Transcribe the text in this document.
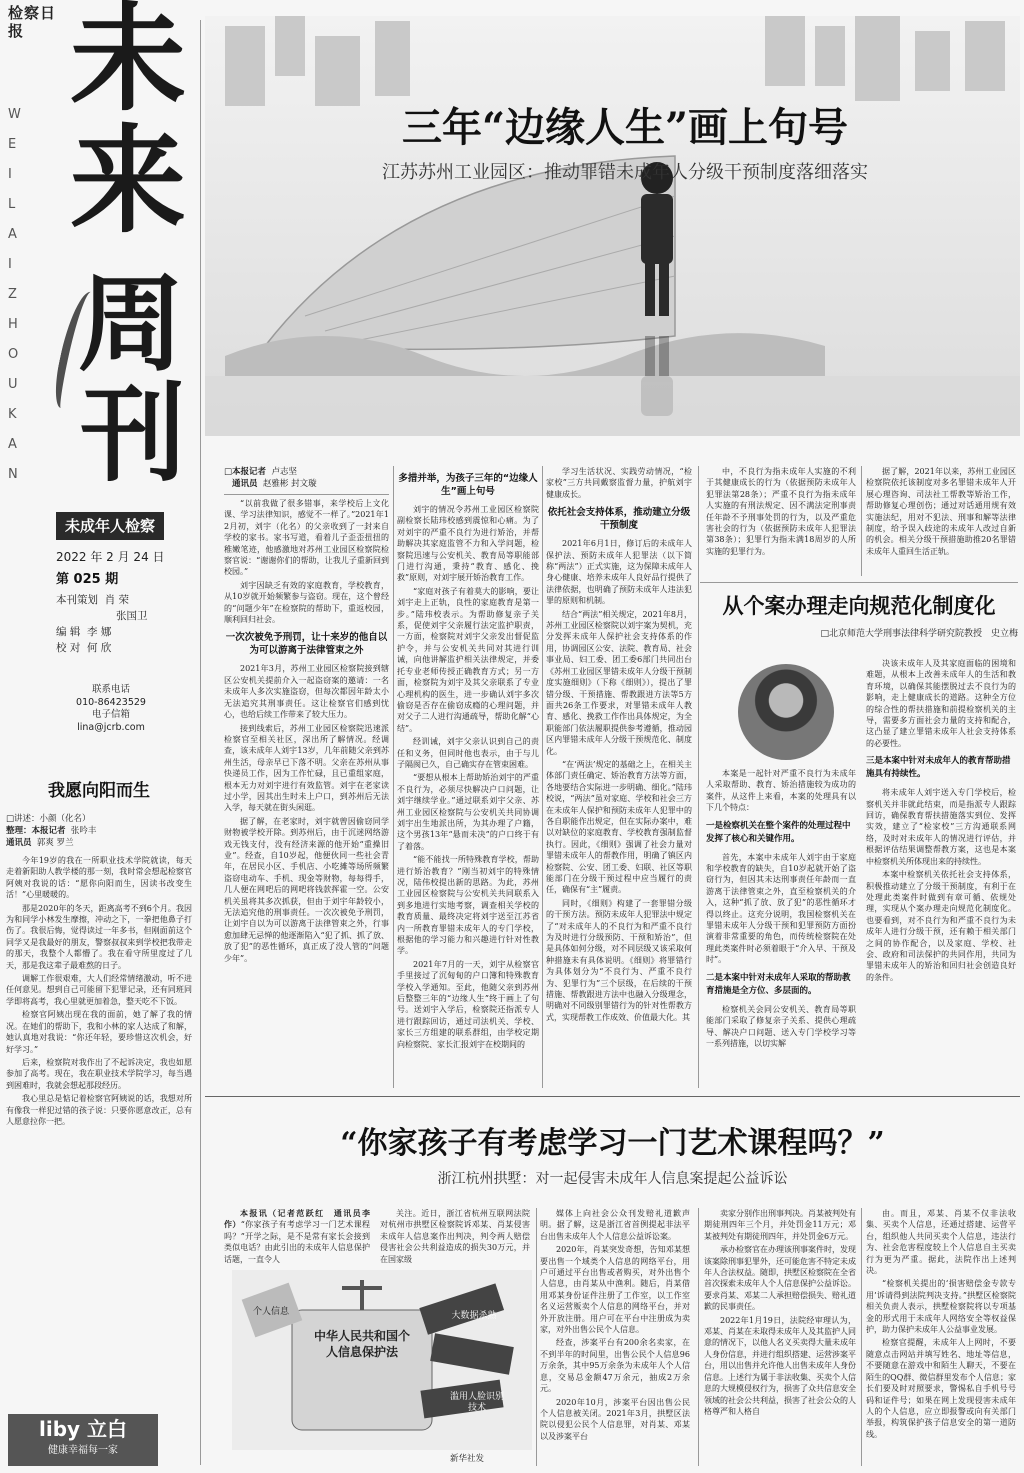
检察日报 未
来
周
刊
W E I L A I Z H O U K A N
未成年人检察
2022 年 2 月 24 日
第 025 期
本刊策划 肖 荣
张国卫
编 辑 李 娜
校 对 何 欣
联系电话
010-86423529
电子信箱
lina@jcrb.com
我愿向阳而生
□讲述：小颜（化名）
整理：本报记者 张吟丰
通讯员 郭爽 罗兰

今年19岁的我在一所职业技术学院就读，每天走着新阳助人教学楼的那一刻，我时常会想起检察官阿姨对我说的话：“愿你向阳而生，因读书改变生活！”心里暖暖的。

那是2020年的冬天，距离高考不到6个月。我因为和同学小林发生摩擦，冲动之下，一拳把他鼻子打伤了。我很后悔，觉得读过一年多书，但刚面前这个同学又是我最好的朋友，警察叔叔来到学校把我带走的那天，我整个人都懵了。我在看守所里度过了几天，那是我这辈子最难熬的日子。

调解工作很艰难，大人们经常情绪激动，听不进任何意见。想到自己可能留下犯罪记录，还有同班同学即将高考，我心里就更加着急，整天吃不下饭。

检察官阿姨出现在我的面前，她了解了我的情况。在她们的帮助下，我和小林的家人达成了和解，她认真地对我说：“你还年轻，要珍惜这次机会，好好学习。”

后来，检察院对我作出了不起诉决定，我也如愿参加了高考。现在，我在职业技术学院学习，每当遇到困难时，我就会想起那段经历。

我心里总是惦记着检察官阿姨说的话，我想对所有像我一样犯过错的孩子说：只要你愿意改正，总有人愿意拉你一把。

liby 立白
健康幸福每一家
三年“边缘人生”画上句号
江苏苏州工业园区：推动罪错未成年人分级干预制度落细落实
□本报记者 卢志坚
通讯员 赵雅彬 封文璇

“以前我做了很多错事，来学校后上文化课、学习法律知识，感觉不一样了。”2021年12月初，刘宇（化名）的父亲收到了一封来自学校的家书。家书写道，看着儿子歪歪扭扭的稚嫩笔迹，他感激地对苏州工业园区检察院检察官说：“谢谢你们的帮助，让我儿子重新回到校园。”

刘宇因缺乏有效的家庭教育，学校教育，从10岁就开始频繁参与盗窃。现在，这个曾经的“问题少年”在检察院的帮助下，重返校园，顺利回归社会。

一次次被免予刑罚，让十来岁的他自以为可以游离于法律管束之外

2021年3月，苏州工业园区检察院接到辖区公安机关提前介入一起盗窃案的邀请：一名未成年人多次实施盗窃，但每次都因年龄太小无法追究其刑事责任。这让检察官们感到忧心，也给后续工作带来了较大压力。

接到线索后，苏州工业园区检察院迅速派检察官至相关社区，深出所了解情况。经调查，该未成年人刘宇13岁，几年前随父亲到苏州生活，母亲早已下落不明。父亲在苏州从事快递员工作，因为工作忙碌，且已重组家庭，根本无力对刘宇进行有效监管。刘宇在老家读过小学，因其出生时未上户口，到苏州后无法入学，每天就在街头闲逛。

据了解，在老家时，刘宇就曾因偷窃同学财物被学校开除。到苏州后，由于沉迷网络游戏无钱支付，没有经济来源的他开始“重操旧业”。经查，自10岁起，他便伙同一些社会青年，在居民小区、手机店、小吃摊等场所频繁盗窃电动车、手机、现金等财物，每每得手，几人便在网吧后的网吧将钱款挥霍一空。公安机关虽将其多次抓获，但由于刘宇年龄较小，无法追究他的刑事责任。一次次被免予刑罚，让刘宇自以为可以游离于法律管束之外，行事愈加肆无忌惮的他逐渐陷入“犯了抓、抓了放、放了犯”的恶性循环，真正成了没人管的“问题少年”。

多措并举，为孩子三年的“边缘人生”画上句号

刘宇的情况令苏州工业园区检察院副检察长陆玮校感到震惊和心痛。为了对刘宇的严重不良行为进行矫治，并帮助解决其家庭监管不力和入学问题，检察院迅速与公安机关、教育局等职能部门进行沟通，秉持“教育、感化、挽救”原则，对刘宇展开矫治教育工作。

“家庭对孩子有着莫大的影响，要让刘宇走上正轨，良性的家庭教育是第一步。”陆玮校表示。为帮助修复亲子关系，促使刘宇父亲履行法定监护职责，一方面，检察院对刘宇父亲发出督促监护令，并与公安机关共同对其进行训诫，向他讲解监护相关法律规定，并委托专业老师传授正确教育方式；另一方面，检察院为刘宇及其父亲联系了专业心理机构的医生，进一步确认刘宇多次偷窃是否存在偷窃成瘾的心理问题，并对父子二人进行沟通疏导，帮助化解“心结”。

经训诫，刘宇父亲认识到自己的责任和义务，但同时他也表示，由于与儿子隔阂已久，自己确实存在管束困难。

“要想从根本上帮助矫治刘宇的严重不良行为，必须尽快解决户口问题，让刘宇继续学业。”通过联系刘宇父亲、苏州工业园区检察院与公安机关共同协调刘宇出生地派出所，为其办理了户籍，这个男孩13年“悬而未决”的户口终于有了着落。

“能不能找一所特殊教育学校，帮助进行矫治教育？”刚当初刘宇的特殊情况，陆伟校提出新的思路。为此，苏州工业园区检察院与公安机关共同联系入到多地进行实地考察，调查相关学校的教育质量、最终决定将刘宇送至江苏省内一所教育罪错未成年人的专门学校，根据他的学习能力和兴趣进行针对性教学。

2021年7月的一天，刘宇从检察官手里接过了沉甸甸的户口簿和特殊教育学校入学通知。至此，他随父亲到苏州后整整三年的“边缘人生”终于画上了句号。送刘宇入学后，检察院还指派专人进行跟踪回访，通过司法机关、学校、家长三方组建的联系群组，由学校定期向检察院、家长汇报刘宇在校期间的

学习生活状况、实践劳动情况，“检家校”三方共同戴察监督力量，护航刘宇健康成长。

依托社会支持体系，推动建立分级干预制度

2021年6月1日，修订后的未成年人保护法、预防未成年人犯罪法（以下简称“两法”）正式实施，这为保障未成年人身心健康、培养未成年人良好品行提供了法律依据，也明确了预防未成年人违法犯罪的原则和机制。

结合“两法”相关规定，2021年8月，苏州工业园区检察院以刘宇案为契机，充分发挥未成年人保护社会支持体系的作用，协调园区公安、法院、教育局、社会事业局、妇工委、团工委6部门共同出台《苏州工业园区罪错未成年人分级干预制度实施细则》（下称《细则》），提出了罪错分级、干预措施、帮教跟进方法等5方面共26条工作要求，对罪错未成年人教育、感化、挽救工作作出具体规定，为全职能部门依法履职提供参考遵循，推动园区内罪错未成年人分级干预规范化、制度化。

“在‘两法’规定的基础之上，在相关主体部门责任确定、矫治教育方法等方面，各地要结合实际进一步明确、细化。”陆玮校说，“两法”虽对家庭、学校和社会三方在未成年人保护和预防未成年人犯罪中的各自职能作出规定，但在实际办案中，难以对缺位的家庭教育、学校教育强制监督执行。因此，《细则》强调了社会力量对罪错未成年人的帮教作用，明确了镇区内检察院、公安、团工委、妇联、社区等职能部门在分级干预过程中应当履行的责任，确保有“主”履责。

同时，《细则》构建了一套罪错分级的干预方法。预防未成年人犯罪法中规定了“对未成年人的不良行为和严重不良行为及时进行分级预防、干预和矫治”，但是具体如何分级，对不同层级又该采取何种措施未有具体说明。《细则》将罪错行为具体划分为“不良行为、严重不良行为、犯罪行为”三个层级，在后续的干预措施、帮教跟进方法中也融入分级理念，明确对不同级别罪错行为的针对性帮教方式，实现帮教工作成效、价值最大化。其

中，不良行为指未成年人实施的不利于其健康成长的行为（依据预防未成年人犯罪法第28条）；严重不良行为指未成年人实施的有刑法规定、因不满法定刑事责任年龄不予刑事处罚的行为，以及严重危害社会的行为（依据预防未成年人犯罪法第38条）；犯罪行为指未满18周岁的人所实施的犯罪行为。

据了解，2021年以来，苏州工业园区检察院依托该制度对多名罪错未成年人开展心理咨询、司法社工帮教等矫治工作，帮助修复心理创伤；通过对话通用规有效实施法纪，用对不犯法、刑事和解等法律制度，给予误入歧途的未成年人改过自新的机会。相关分级干预措施助推20名罪错未成年人重回生活正轨。

从个案办理走向规范化制度化
□北京师范大学刑事法律科学研究院教授　史立梅

本案是一起针对严重不良行为未成年人采取帮助、教育、矫治措施较为成功的案件，从这件上来看，本案的处理具有以下几个特点：

一是检察机关在整个案件的处理过程中发挥了核心和关键作用。

首先，本案中未成年人刘宇由于家庭和学校教育的缺失，自10岁起就开始了盗窃行为，但因其未达刑事责任年龄而一直游离于法律管束之外，直至检察机关的介入，这种“抓了放、放了犯”的恶性循环才得以终止。这充分说明，我国检察机关在罪错未成年人分级干预和犯罪预防方面扮演着非常重要的角色，而传统检察院在处理此类案件时必须着眼于“介入早、干预及时”。

二是本案中针对未成年人采取的帮助教育措施是全方位、多层面的。

检察机关会同公安机关、教育局等职能部门采取了修复亲子关系、提供心理疏导、解决户口问题、送入专门学校学习等一系列措施，以切实解

决该未成年人及其家庭面临的困境和难题，从根本上改善未成年人的生活和教育环境，以确保其能摆脱过去不良行为的影响，走上健康成长的道路。这种全方位的综合性的帮扶措施和前提检察机关的主导，需要多方面社会力量的支持和配合，这凸显了建立罪错未成年人社会支持体系的必要性。

三是本案中针对未成年人的教育帮助措施具有持续性。

将未成年人刘宇送入专门学校后，检察机关并非就此结束，而是指派专人跟踪回访，确保教育帮扶措施落实到位、发挥实效，建立了“检家校”三方沟通联系网络，及时对未成年人的情况进行评估，并根据评估结果调整帮教方案，这也是本案中检察机关所体现出来的持续性。

本案中检察机关依托社会支持体系，积极推动建立了分级干预制度，有利于在处理此类案件时做到有章可循、依规处理，实现从个案办理走向规范化制度化。也要看到，对不良行为和严重不良行为未成年人进行分级干预，还有赖于相关部门之间的协作配合，以及家庭、学校、社会、政府和司法保护的共同作用，共同为罪错未成年人的矫治和回归社会创造良好的条件。

“你家孩子有考虑学习一门艺术课程吗？”
浙江杭州拱墅：对一起侵害未成年人信息案提起公益诉讼

本报讯（记者范跃红　通讯员李作）“你家孩子有考虑学习一门艺术课程吗？”开学之际，是不是常有家长会接到类似电话？由此引出的未成年人信息保护话题，一直令人

关注。近日，浙江省杭州互联网法院对杭州市拱墅区检察院诉邓某、肖某侵害未成年人信息案作出判决，判令两人赔偿侵害社会公共利益造成的损失30万元，并在国家级

中华人民共和国个人信息保护法
大数据杀熟
滥用人脸识别技术
个人信息
新华社发

媒体上向社会公众刊发赔礼道歉声明。据了解，这是浙江省首例提起非法平台出售未成年人个人信息公益诉讼案。

2020年，肖某突发奇想，告知邓某想要出售一个域类个人信息的网络平台，用户可通过平台出售或者购买，对外出售个人信息，由肖某从中渔利。随后，肖某借用邓某身份证件注册了工作室，以工作室名义运营贩卖个人信息的网络平台，并对外开放注册。用户可在平台中注册成为卖家，对外出售公民个人信息。

经查，涉案平台有200余名卖家，在不到半年的时间里，出售公民个人信息96万余条，其中95万余条为未成年人个人信息，交易总金额47万余元，抽成2万余元。

2020年10月，涉案平台因出售公民个人信息被关闭。2021年3月，拱墅区法院以侵犯公民个人信息罪，对肖某、邓某以及涉案平台

卖家分别作出刑事判决。肖某被判处有期徒刑四年三个月，并处罚金11万元；邓某被判处有期徒刑四年，并处罚金6万元。

承办检察官在办理该刑事案件时，发现该案除刑事犯罪外，还可能危害不特定未成年人合法权益。随即，拱墅区检察院在全省首次探索未成年人个人信息保护公益诉讼。要求肖某、邓某二人承担赔偿损失、赔礼道歉的民事责任。

2022年1月19日，法院经审理认为，邓某、肖某在未取得未成年人及其监护人同意的情况下，以他人名义买卖得大量未成年人身份信息，并进行组织搭建、运营涉案平台，用以出售并允许他人出售未成年人身份信息。上述行为属于非法收集、买卖个人信息的大规模侵权行为，损害了众共信息安全领域的社会公共利益，损害了社会公众的人格尊严和人格自

由。而且，邓某、肖某不仅非法收集、买卖个人信息，还通过搭建、运营平台，组织他人共同买卖个人信息，违法行为、社会危害程度较上个人信息自主买卖行为更为严重。据此，法院作出上述判决。

“检察机关提出的‘损害赔偿金专款专用’诉请得到法院判决支持。”拱墅区检察院相关负责人表示，拱墅检察院将以专项基金的形式用于未成年人网络安全等权益保护，助力保护未成年人公益事业发展。

检察官提醒，未成年人上网时，不要随意点击网站并填写姓名、地址等信息，不要随意在游戏中和陌生人聊天，不要在陌生的QQ群、微信群里发布个人信息；家长们要及时对照要求，警惕私自手机号号码和证件号；如果在网上发现侵害未成年人的个人信息，应立即报警或向有关部门举报，构筑保护孩子信息安全的第一道防线。
